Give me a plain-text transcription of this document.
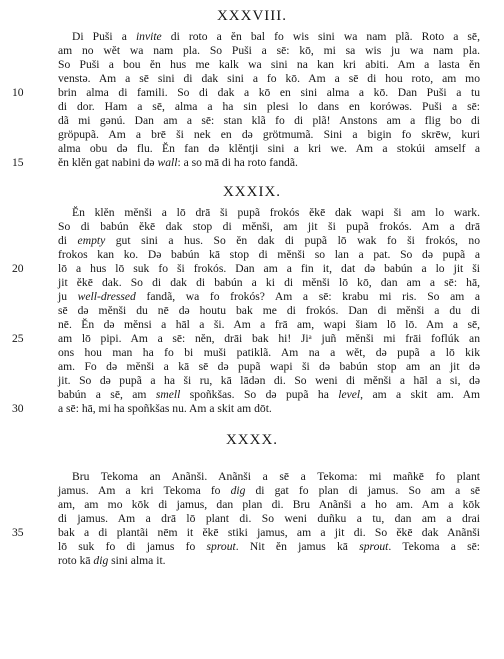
XXXVIII.
Di Puši a invite di roto a ĕn bal fo wis sini wa nam plã. Roto a sē,
am no wĕt wa nam pla. So Puši a sē: kō, mi sa wis ju wa nam pla.
So Puši a bou ĕn hus me kalk wa sini na kan kri abiti. Am a lasta ĕn
venstə. Am a sē sini di dak sini a fo kō. Am a sē di hou roto, am mo
10	brin alma di famili. So di dak a kō en sini alma a kō. Dan Puši a tu
di dor. Ham a sē, alma a ha sin plesi lo dans en korówəs. Puši a sē:
dã mi gənú. Dan am a sē: stan klã fo di plã! Anstons am a flig bo di
gröpupã. Am a brē ši nek en də grötmumã. Sini a bigin fo skrēw, kuri
alma obu də flu. Ĕn fan də klĕntji sini a kri we. Am a stokúi amself a
15	ĕn klĕn gat nabini də wall: a so mā di ha roto fandã.
XXXIX.
Ĕn klĕn mĕnši a lō drā ši pupã frokós ĕkē dak wapi ši am lo wark.
So di babún ĕkē dak stop di mĕnši, am jit ši pupã frokós. Am a drā
di empty gut sini a hus. So ĕn dak di pupã lō wak fo ši frokós, no
frokos kan ko. Də babún kā stop di mĕnši so lan a pat. So də pupã a
20	lō a hus lō suk fo ši frokós. Dan am a fin it, dat də babún a lo jit ši
jit ĕkē dak. So di dak di babún a ki di mĕnši lō kō, dan am a sē: hā,
ju well-dressed fandã, wa fo frokós? Am a sē: krabu mi ris. So am a
sē də mĕnši du nē də houtu bak me di frokós. Dan di mĕnši a du di
nē. Ĕn də mĕnsi a hāl a ši. Am a frā am, wapi šiam lō lō. Am a sē,
25	am lō pipi. Am a sē: nĕn, drāi bak hi! Jiᵃ juñ mĕnši mi frāi foflúk an
ons hou man ha fo bi muši patiklã. Am na a wĕt, də pupã a lō kik
am. Fo də mĕnši a kā sē də pupã wapi ši də babún stop am an jit də
jit. So də pupã a ha ši ru, kā lādən di. So weni di mĕnši a hāl a si, də
babún a sē, am smell spoñkšas. So də pupã ha level, am a skit am. Am
30	a sē: hā, mi ha spoñkšas nu. Am a skit am dōt.
XXXX.
Bru Tekoma an Anãnši. Anãnši a sē a Tekoma: mi mañkē fo plant
jamus. Am a kri Tekoma fo dig di gat fo plan di jamus. So am a sē
am, am mo kōk di jamus, dan plan di. Bru Anãnši a ho am. Am a kōk
di jamus. Am a drā lō plant di. So weni duñku a tu, dan am a drai
35	bak a di plantãi nēm it ĕkē stiki jamus, am a jit di. So ĕkē dak Anãnši
lō suk fo di jamus fo sprout. Nit ĕn jamus kā sprout. Tekoma a sē:
roto kā dig sini alma it.
